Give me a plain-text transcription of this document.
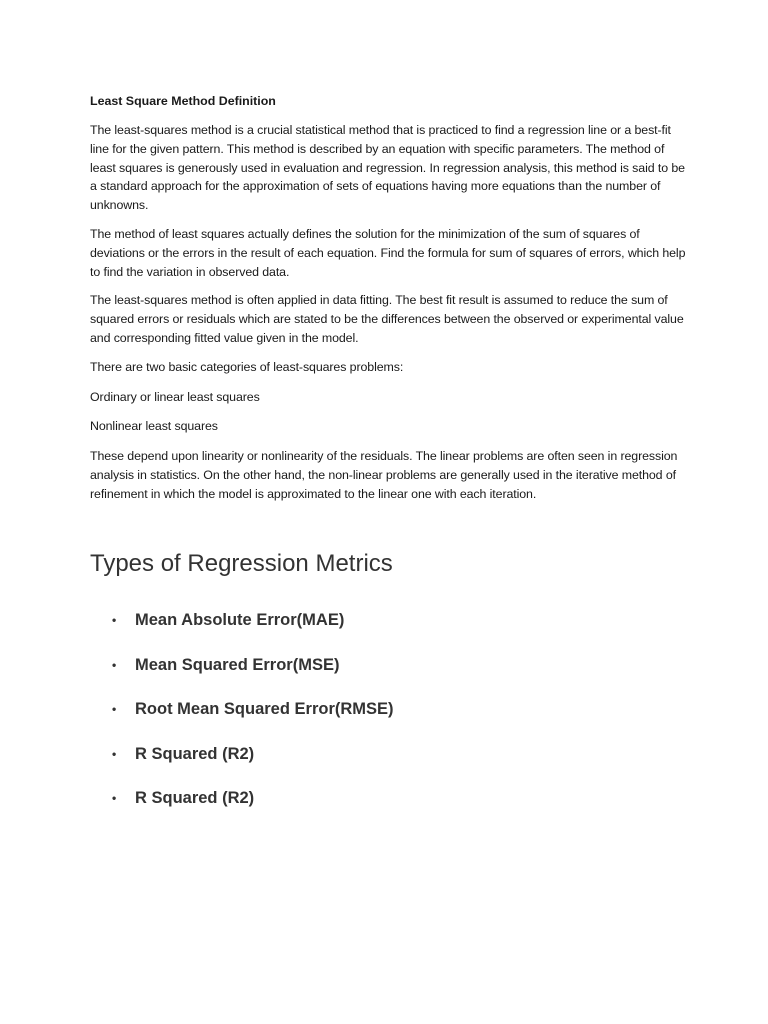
Least Square Method Definition

The least-squares method is a crucial statistical method that is practiced to find a regression line or a best-fit line for the given pattern. This method is described by an equation with specific parameters. The method of least squares is generously used in evaluation and regression. In regression analysis, this method is said to be a standard approach for the approximation of sets of equations having more equations than the number of unknowns.

The method of least squares actually defines the solution for the minimization of the sum of squares of deviations or the errors in the result of each equation. Find the formula for sum of squares of errors, which help to find the variation in observed data.

The least-squares method is often applied in data fitting. The best fit result is assumed to reduce the sum of squared errors or residuals which are stated to be the differences between the observed or experimental value and corresponding fitted value given in the model.

There are two basic categories of least-squares problems:

Ordinary or linear least squares

Nonlinear least squares

These depend upon linearity or nonlinearity of the residuals. The linear problems are often seen in regression analysis in statistics. On the other hand, the non-linear problems are generally used in the iterative method of refinement in which the model is approximated to the linear one with each iteration.

Types of Regression Metrics
• Mean Absolute Error(MAE)
• Mean Squared Error(MSE)
• Root Mean Squared Error(RMSE)
• R Squared (R2)
• R Squared (R2)
